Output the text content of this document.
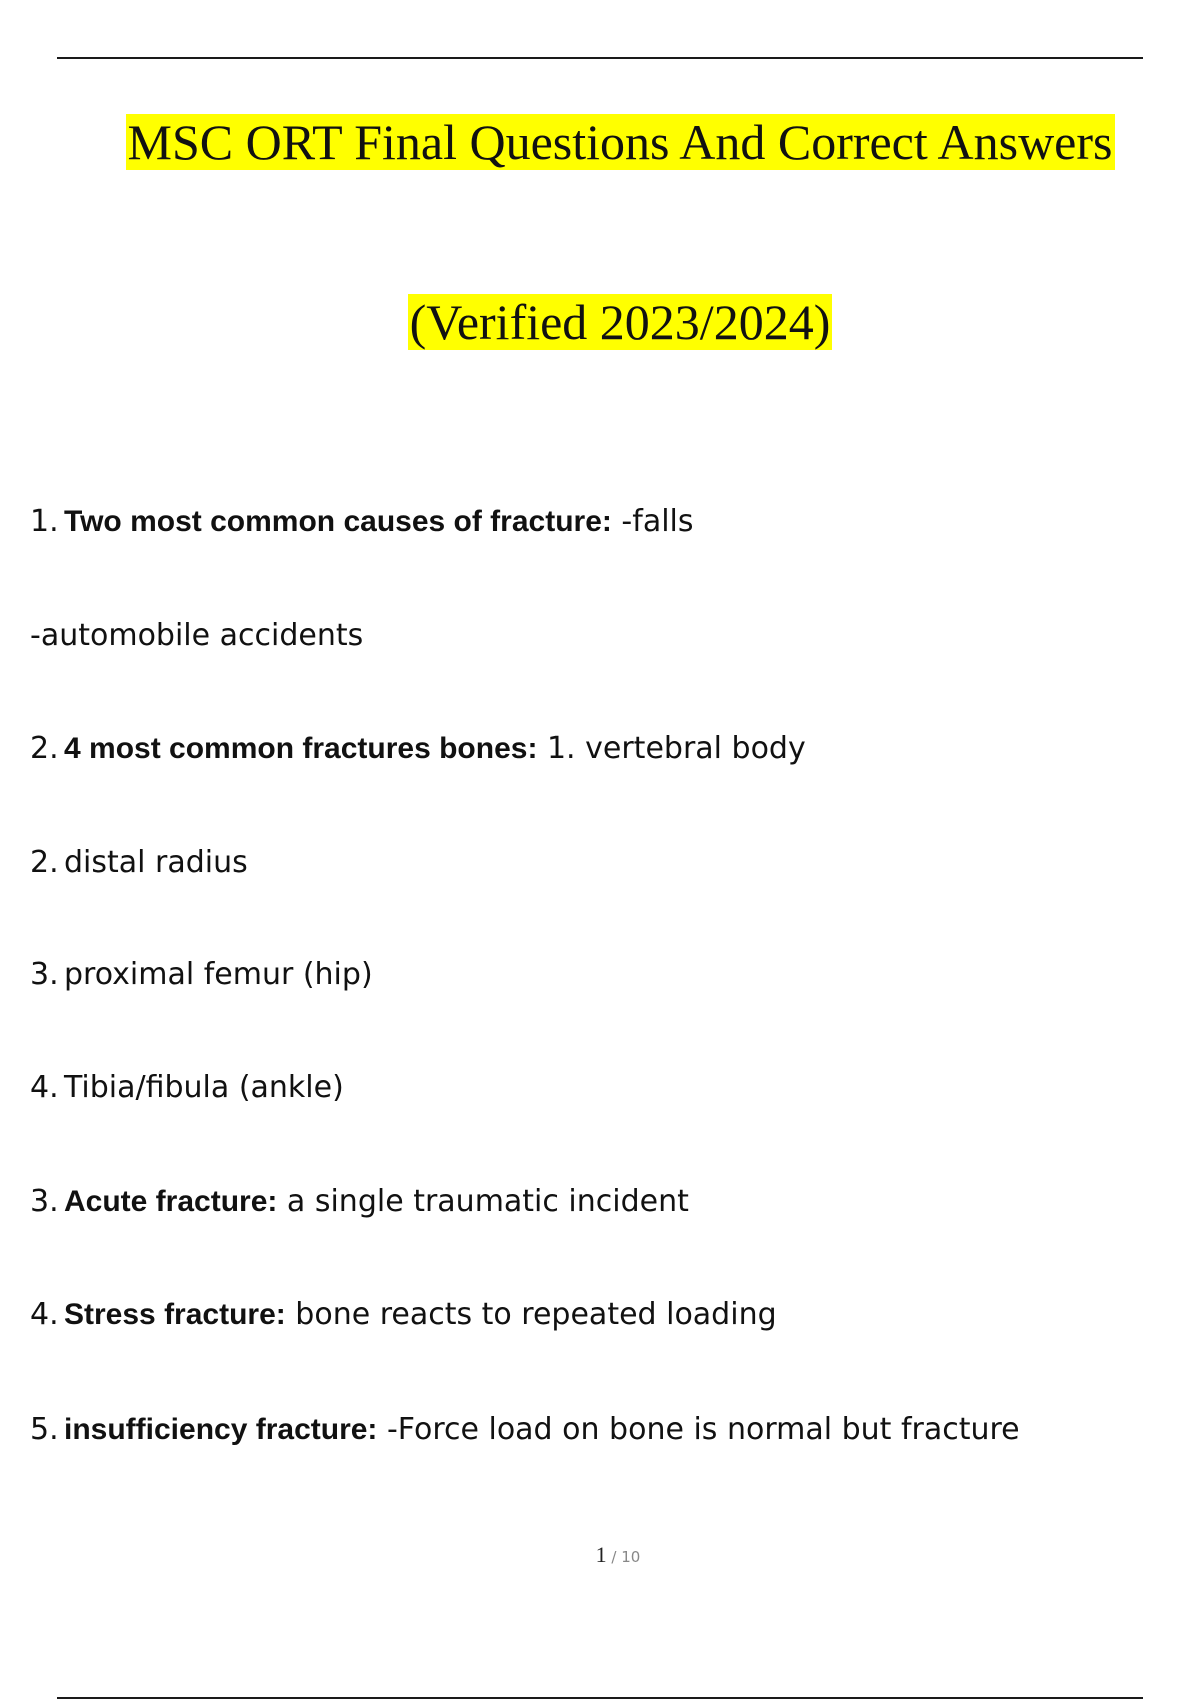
MSC ORT Final Questions And Correct Answers
(Verified 2023/2024)
1. Two most common causes of fracture: -falls
-automobile accidents
2. 4 most common fractures bones: 1. vertebral body
2. distal radius
3. proximal femur (hip)
4. Tibia/fibula (ankle)
3. Acute fracture: a single traumatic incident
4. Stress fracture: bone reacts to repeated loading
5. insufficiency fracture: -Force load on bone is normal but fracture
1 / 10
